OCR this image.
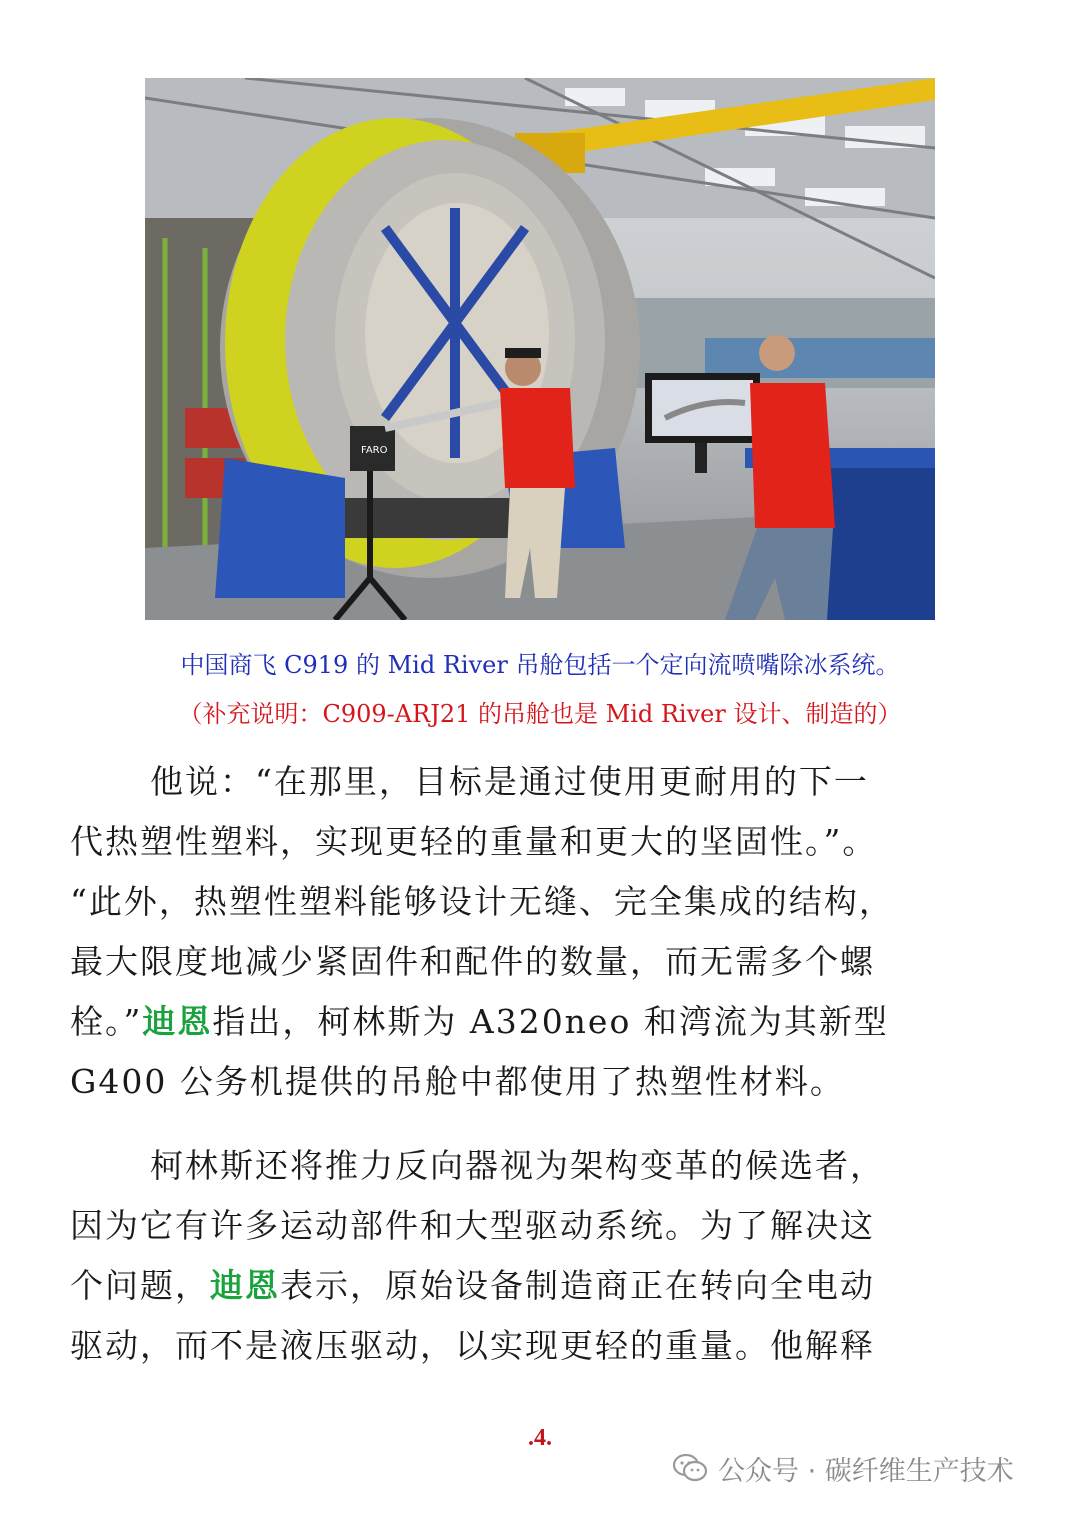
FARO
中国商飞 C919 的 Mid River 吊舱包括一个定向流喷嘴除冰系统。
（补充说明：C909-ARJ21 的吊舱也是 Mid River 设计、制造的）
他说：“在那里，目标是通过使用更耐用的下一
代热塑性塑料，实现更轻的重量和更大的坚固性。”。
“此外，热塑性塑料能够设计无缝、完全集成的结构，
最大限度地减少紧固件和配件的数量，而无需多个螺
栓。”迪恩指出，柯林斯为 A320neo 和湾流为其新型
G400 公务机提供的吊舱中都使用了热塑性材料。
柯林斯还将推力反向器视为架构变革的候选者，
因为它有许多运动部件和大型驱动系统。为了解决这
个问题，迪恩表示，原始设备制造商正在转向全电动
驱动，而不是液压驱动，以实现更轻的重量。他解释
.4.
公众号 · 碳纤维生产技术
